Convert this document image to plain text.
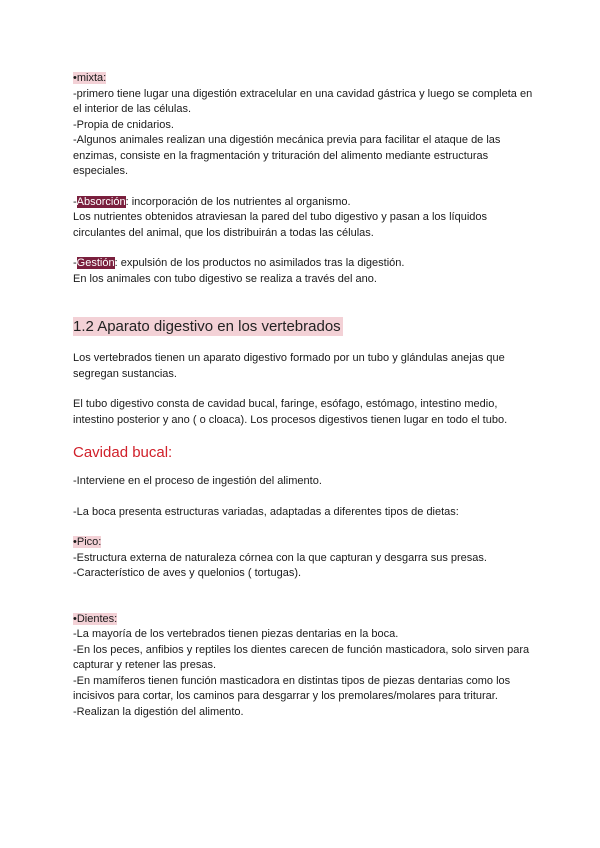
•mixta:

-primero tiene lugar una digestión extracelular en una cavidad gástrica y luego se completa en el interior de las células.

-Propia de cnidarios.

-Algunos animales realizan una digestión mecánica previa para facilitar el ataque de las enzimas, consiste en la fragmentación y trituración del alimento mediante estructuras especiales.

-Absorción: incorporación de los nutrientes al organismo.

Los nutrientes obtenidos atraviesan la pared del tubo digestivo y pasan a los líquidos circulantes del animal, que los distribuirán a todas las células.

-Gestión: expulsión de los productos no asimilados tras la digestión.

En los animales con tubo digestivo se realiza a través del ano.

1.2 Aparato digestivo en los vertebrados

Los vertebrados tienen un aparato digestivo formado por un tubo y glándulas anejas que segregan sustancias.

El tubo digestivo consta de cavidad bucal, faringe, esófago, estómago, intestino medio, intestino posterior y ano ( o cloaca). Los procesos digestivos tienen lugar en todo el tubo.

Cavidad bucal:

-Interviene en el proceso de ingestión del alimento.

-La boca presenta estructuras variadas, adaptadas a diferentes tipos de dietas:

•Pico:

-Estructura externa de naturaleza córnea con la que capturan y desgarra sus presas.

-Característico de aves y quelonios ( tortugas).

•Dientes:

-La mayoría de los vertebrados tienen piezas dentarias en la boca.

-En los peces, anfibios y reptiles los dientes carecen de función masticadora, solo sirven para capturar y retener las presas.

-En mamíferos tienen función masticadora en distintas tipos de piezas dentarias como los incisivos para cortar, los caminos para desgarrar y los premolares/molares para triturar.

-Realizan la digestión del alimento.
